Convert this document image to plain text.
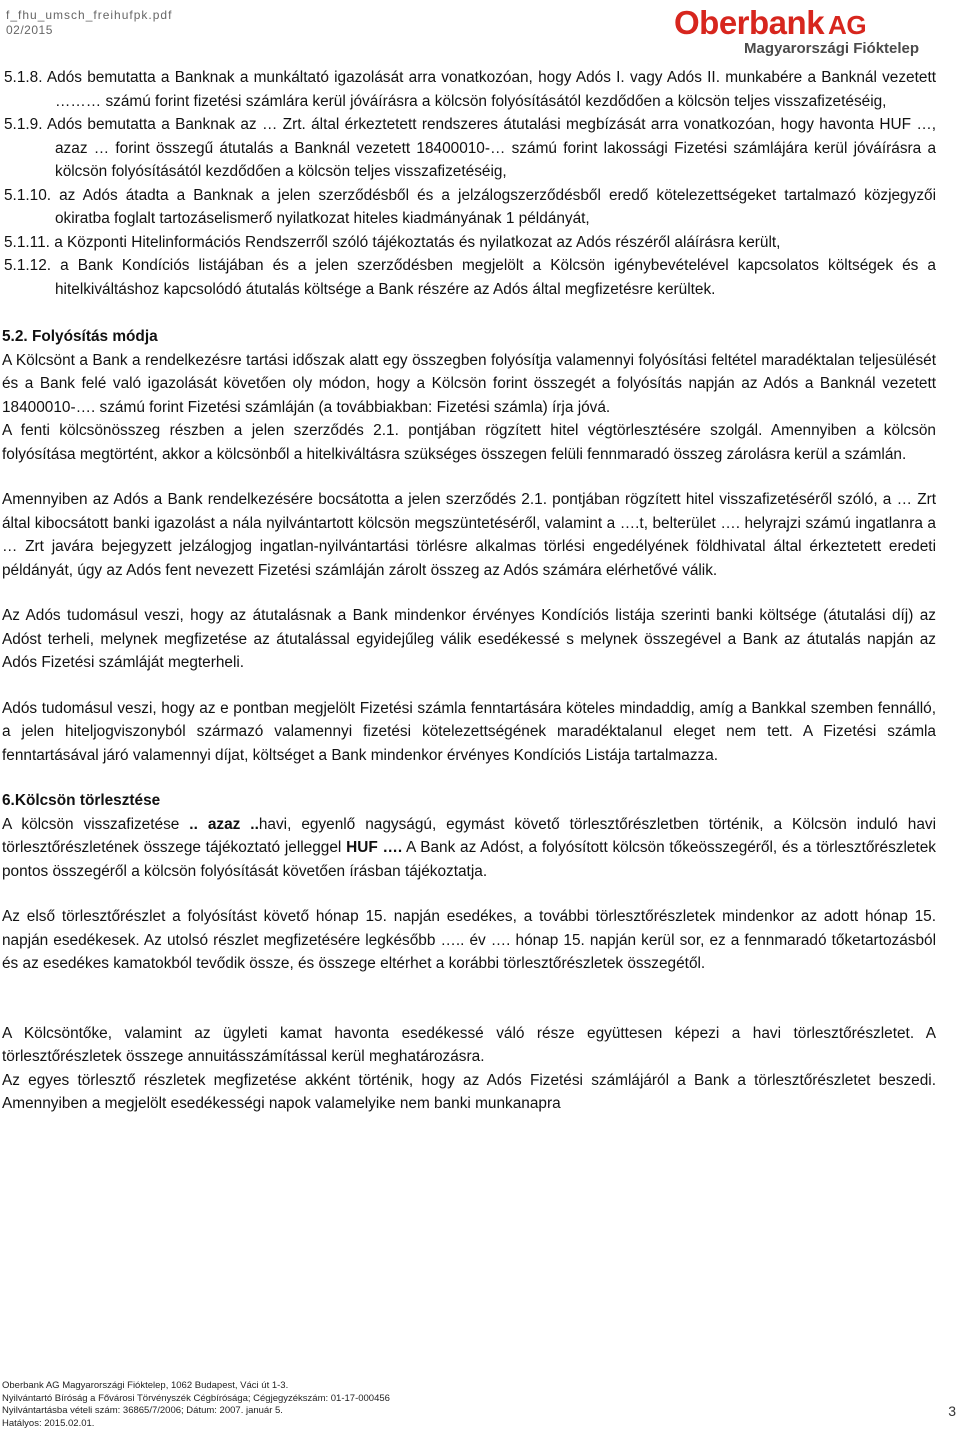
f_fhu_umsch_freihufpk.pdf
02/2015	Oberbank AG
Magyarországi Fióktelep
5.1.8. Adós bemutatta a Banknak a munkáltató igazolását arra vonatkozóan, hogy Adós I. vagy Adós II. munkabére a Banknál vezetett ……… számú forint fizetési számlára kerül jóváírásra a kölcsön folyósításától kezdődően a kölcsön teljes visszafizetéséig,
5.1.9. Adós bemutatta a Banknak az … Zrt. által érkeztetett rendszeres átutalási megbízását arra vonatkozóan, hogy havonta HUF …, azaz … forint összegű átutalás a Banknál vezetett 18400010-… számú forint lakossági Fizetési számlájára kerül jóváírásra a kölcsön folyósításától kezdődően a kölcsön teljes visszafizetéséig,
5.1.10. az Adós átadta a Banknak a jelen szerződésből és a jelzálogszerződésből eredő kötelezettségeket tartalmazó közjegyzői okiratba foglalt tartozáselismerő nyilatkozat hiteles kiadmányának 1 példányát,
5.1.11. a Központi Hitelinformációs Rendszerről szóló tájékoztatás és nyilatkozat az Adós részéről aláírásra került,
5.1.12. a Bank Kondíciós listájában és a jelen szerződésben megjelölt a Kölcsön igénybevételével kapcsolatos költségek és a hitelkiváltáshoz kapcsolódó átutalás költsége a Bank részére az Adós által megfizetésre kerültek.
5.2. Folyósítás módja
A Kölcsönt a Bank a rendelkezésre tartási időszak alatt egy összegben folyósítja valamennyi folyósítási feltétel maradéktalan teljesülését és a Bank felé való igazolását követően oly módon, hogy a Kölcsön forint összegét a folyósítás napján az Adós a Banknál vezetett 18400010-…. számú forint Fizetési számláján (a továbbiakban: Fizetési számla) írja jóvá.
A fenti kölcsönösszeg részben a jelen szerződés 2.1. pontjában rögzített hitel végtörlesztésére szolgál. Amennyiben a kölcsön folyósítása megtörtént, akkor a kölcsönből a hitelkiváltásra szükséges összegen felüli fennmaradó összeg zárolásra kerül a számlán.
Amennyiben az Adós a Bank rendelkezésére bocsátotta a jelen szerződés 2.1. pontjában rögzített hitel visszafizetéséről szóló, a … Zrt által kibocsátott banki igazolást a nála nyilvántartott kölcsön megszüntetéséről, valamint a ….t, belterület …. helyrajzi számú ingatlanra a … Zrt javára bejegyzett jelzálogjog ingatlan-nyilvántartási törlésre alkalmas törlési engedélyének földhivatal által érkeztetett eredeti példányát, úgy az Adós fent nevezett Fizetési számláján zárolt összeg az Adós számára elérhetővé válik.
Az Adós tudomásul veszi, hogy az átutalásnak a Bank mindenkor érvényes Kondíciós listája szerinti banki költsége (átutalási díj) az Adóst terheli, melynek megfizetése az átutalással egyidejűleg válik esedékessé s melynek összegével a Bank az átutalás napján az Adós Fizetési számláját megterheli.
Adós tudomásul veszi, hogy az e pontban megjelölt Fizetési számla fenntartására köteles mindaddig, amíg a Bankkal szemben fennálló, a jelen hiteljogviszonyból származó valamennyi fizetési kötelezettségének maradéktalanul eleget nem tett. A Fizetési számla fenntartásával járó valamennyi díjat, költséget a Bank mindenkor érvényes Kondíciós Listája tartalmazza.
6.Kölcsön törlesztése
A kölcsön visszafizetése .. azaz ..havi, egyenlő nagyságú, egymást követő törlesztőrészletben történik, a Kölcsön induló havi törlesztőrészletének összege tájékoztató jelleggel HUF …. A Bank az Adóst, a folyósított kölcsön tőkeösszegéről, és a törlesztőrészletek pontos összegéről a kölcsön folyósítását követően írásban tájékoztatja.
Az első törlesztőrészlet a folyósítást követő hónap 15. napján esedékes, a további törlesztőrészletek mindenkor az adott hónap 15. napján esedékesek. Az utolsó részlet megfizetésére legkésőbb ….. év …. hónap 15. napján kerül sor, ez a fennmaradó tőketartozásból és az esedékes kamatokból tevődik össze, és összege eltérhet a korábbi törlesztőrészletek összegétől.
A Kölcsöntőke, valamint az ügyleti kamat havonta esedékessé váló része együttesen képezi a havi törlesztőrészletet. A törlesztőrészletek összege annuitásszámítással kerül meghatározásra.
Az egyes törlesztő részletek megfizetése akként történik, hogy az Adós Fizetési számlájáról a Bank a törlesztőrészletet beszedi. Amennyiben a megjelölt esedékességi napok valamelyike nem banki munkanapra
Oberbank AG Magyarországi Fióktelep, 1062 Budapest, Váci út 1-3.
Nyilvántartó Bíróság a Fővárosi Törvényszék Cégbírósága; Cégjegyzékszám: 01-17-000456
Nyilvántartásba vételi szám: 36865/7/2006; Dátum: 2007. január 5.
Hatályos: 2015.02.01.
3
